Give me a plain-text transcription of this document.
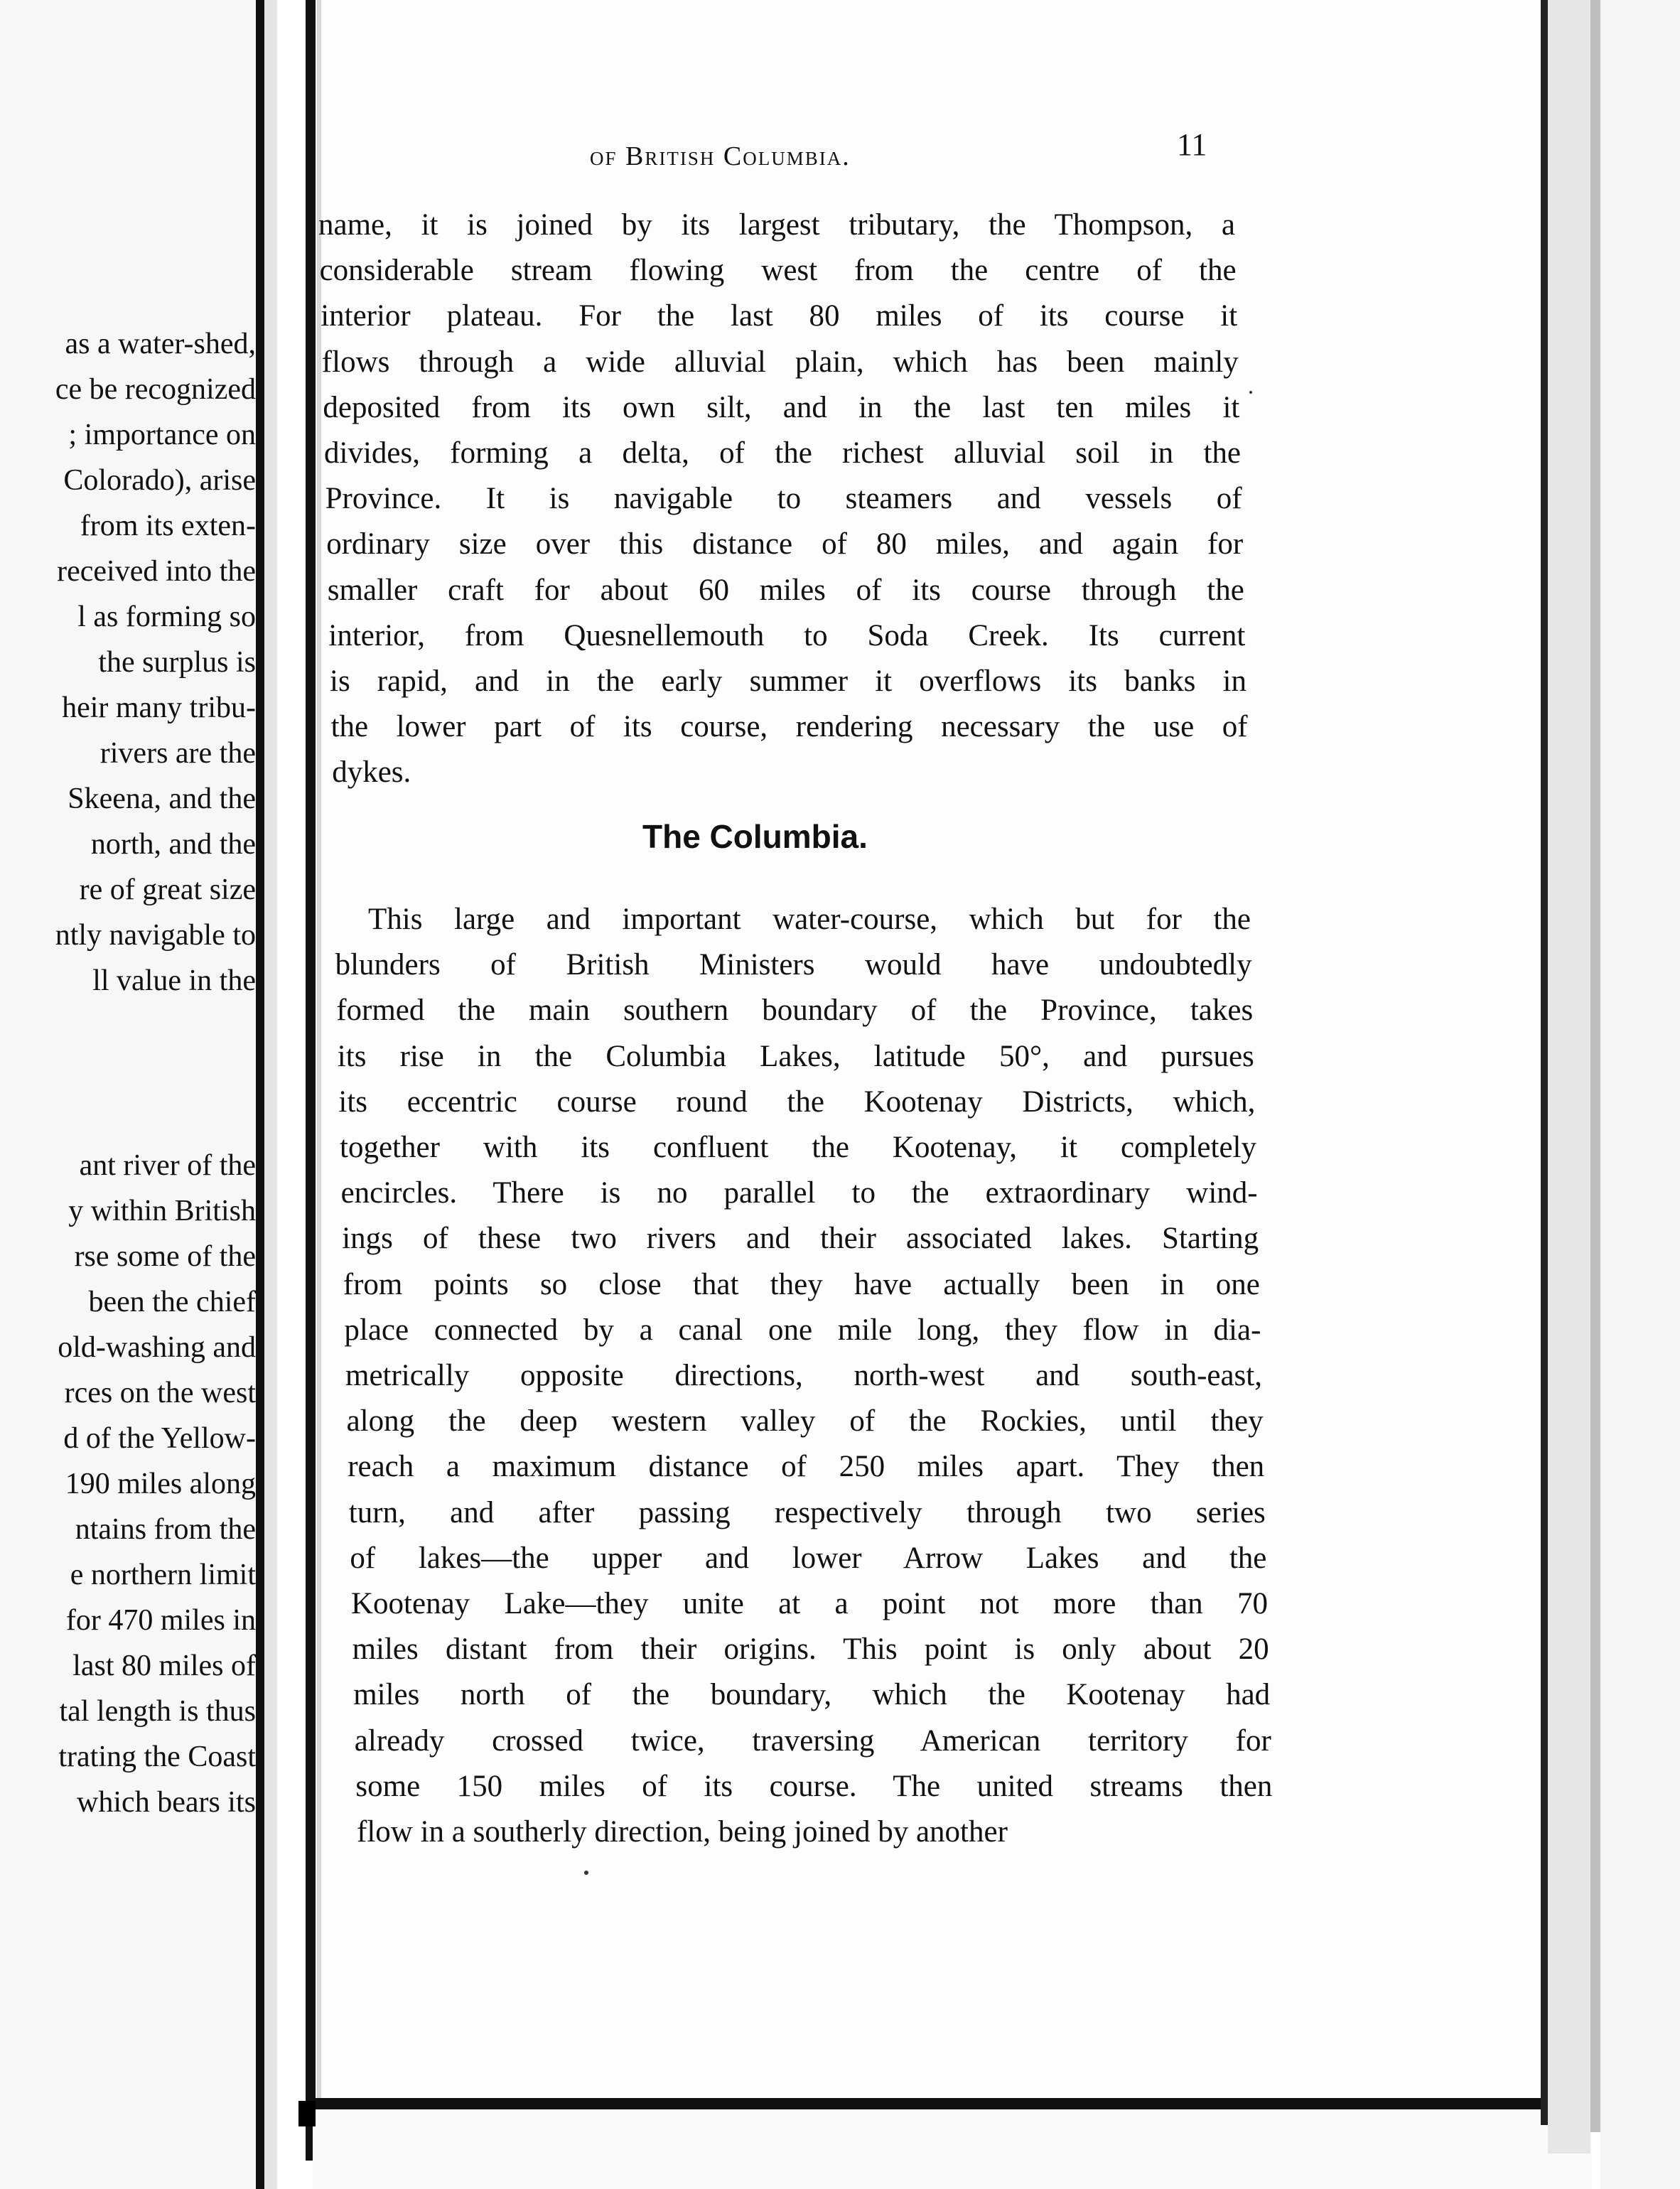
as a water-shed,
ce be recognized
; importance on
Colorado), arise
from its exten-
received into the
l as forming so
the surplus is
heir many tribu-
rivers are the
Skeena, and the
north, and the
re of great size
ntly navigable to
ll value in the
ant river of the
y within British
rse some of the
been the chief
old-washing and
rces on the west
d of the Yellow-
190 miles along
ntains from the
e northern limit
for 470 miles in
last 80 miles of
tal length is thus
trating the Coast
which bears its
of British Columbia.	11
name, it is joined by its largest tributary, the Thompson, a
considerable stream flowing west from the centre of the
interior plateau. For the last 80 miles of its course it
flows through a wide alluvial plain, which has been mainly
deposited from its own silt, and in the last ten miles it
divides, forming a delta, of the richest alluvial soil in the
Province. It is navigable to steamers and vessels of
ordinary size over this distance of 80 miles, and again for
smaller craft for about 60 miles of its course through the
interior, from Quesnellemouth to Soda Creek. Its current
is rapid, and in the early summer it overflows its banks in
the lower part of its course, rendering necessary the use of
dykes.
The Columbia.
This large and important water-course, which but for the
blunders of British Ministers would have undoubtedly
formed the main southern boundary of the Province, takes
its rise in the Columbia Lakes, latitude 50°, and pursues
its eccentric course round the Kootenay Districts, which,
together with its confluent the Kootenay, it completely
encircles. There is no parallel to the extraordinary wind-
ings of these two rivers and their associated lakes. Starting
from points so close that they have actually been in one
place connected by a canal one mile long, they flow in dia-
metrically opposite directions, north-west and south-east,
along the deep western valley of the Rockies, until they
reach a maximum distance of 250 miles apart. They then
turn, and after passing respectively through two series
of lakes—the upper and lower Arrow Lakes and the
Kootenay Lake—they unite at a point not more than 70
miles distant from their origins. This point is only about 20
miles north of the boundary, which the Kootenay had
already crossed twice, traversing American territory for
some 150 miles of its course. The united streams then
flow in a southerly direction, being joined by another
